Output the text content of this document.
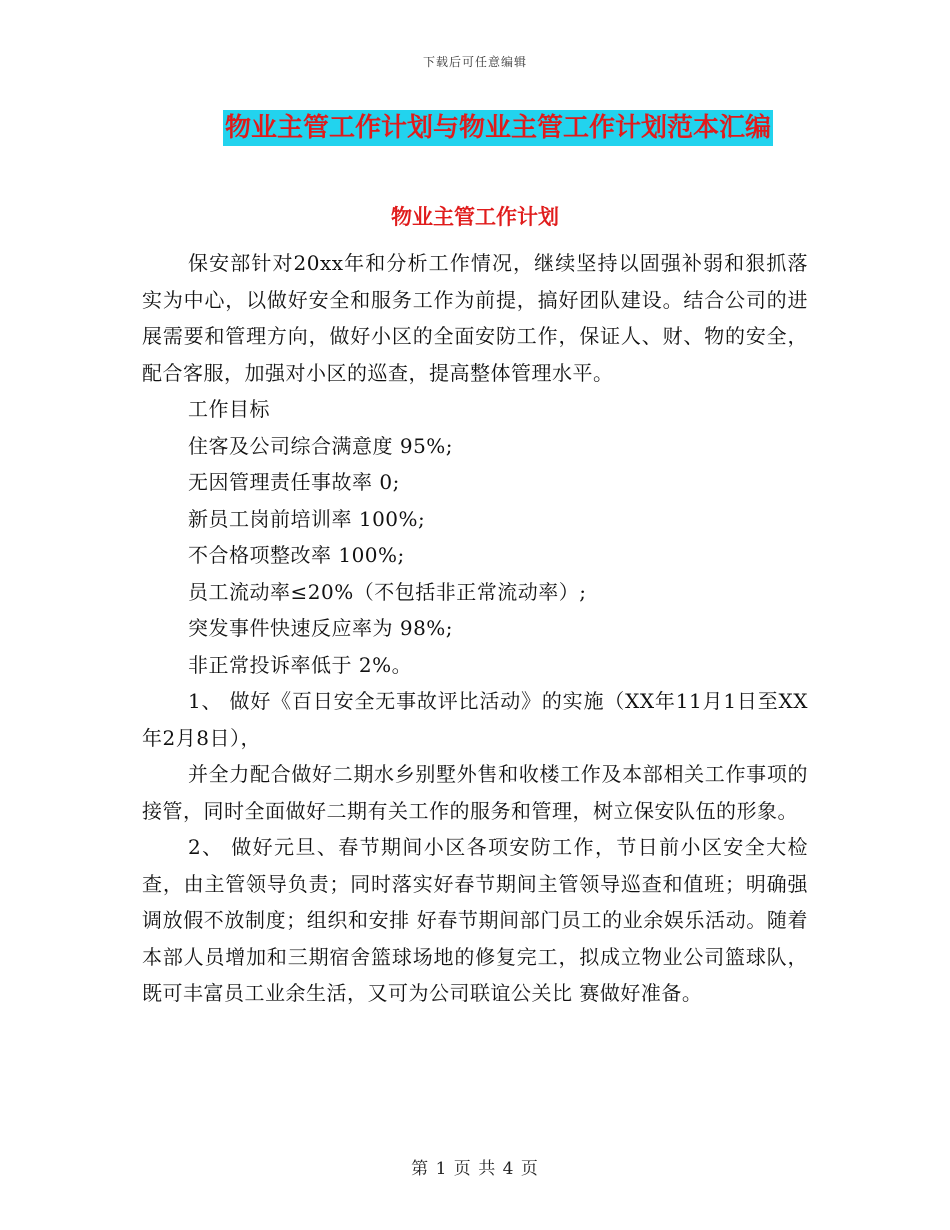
下载后可任意编辑
物业主管工作计划与物业主管工作计划范本汇编
物业主管工作计划

保安部针对20xx年和分析工作情况，继续坚持以固强补弱和狠抓落实为中心，以做好安全和服务工作为前提，搞好团队建设。结合公司的进展需要和管理方向，做好小区的全面安防工作，保证人、财、物的安全，配合客服，加强对小区的巡查，提高整体管理水平。

工作目标

住客及公司综合满意度 95%;

无因管理责任事故率 0;

新员工岗前培训率 100%;

不合格项整改率 100%;

员工流动率≤20%（不包括非正常流动率）;

突发事件快速反应率为 98%;

非正常投诉率低于 2%。

1、 做好《百日安全无事故评比活动》的实施（XX年11月1日至XX年2月8日），

并全力配合做好二期水乡别墅外售和收楼工作及本部相关工作事项的接管，同时全面做好二期有关工作的服务和管理，树立保安队伍的形象。

2、 做好元旦、春节期间小区各项安防工作，节日前小区安全大检查，由主管领导负责；同时落实好春节期间主管领导巡查和值班；明确强调放假不放制度；组织和安排 好春节期间部门员工的业余娱乐活动。随着本部人员增加和三期宿舍篮球场地的修复完工，拟成立物业公司篮球队，既可丰富员工业余生活，又可为公司联谊公关比 赛做好准备。

第 1 页 共 4 页
